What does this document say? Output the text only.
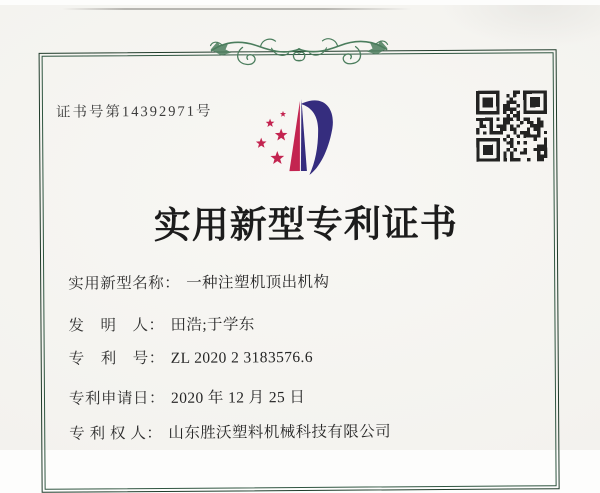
证书号第14392971号
实用新型专利证书
实用新型名称： 一种注塑机顶出机构
发　明　人： 田浩;于学东
专　利　号： ZL 2020 2 3183576.6
专利申请日： 2020 年 12 月 25 日
专 利 权 人： 山东胜沃塑料机械科技有限公司
